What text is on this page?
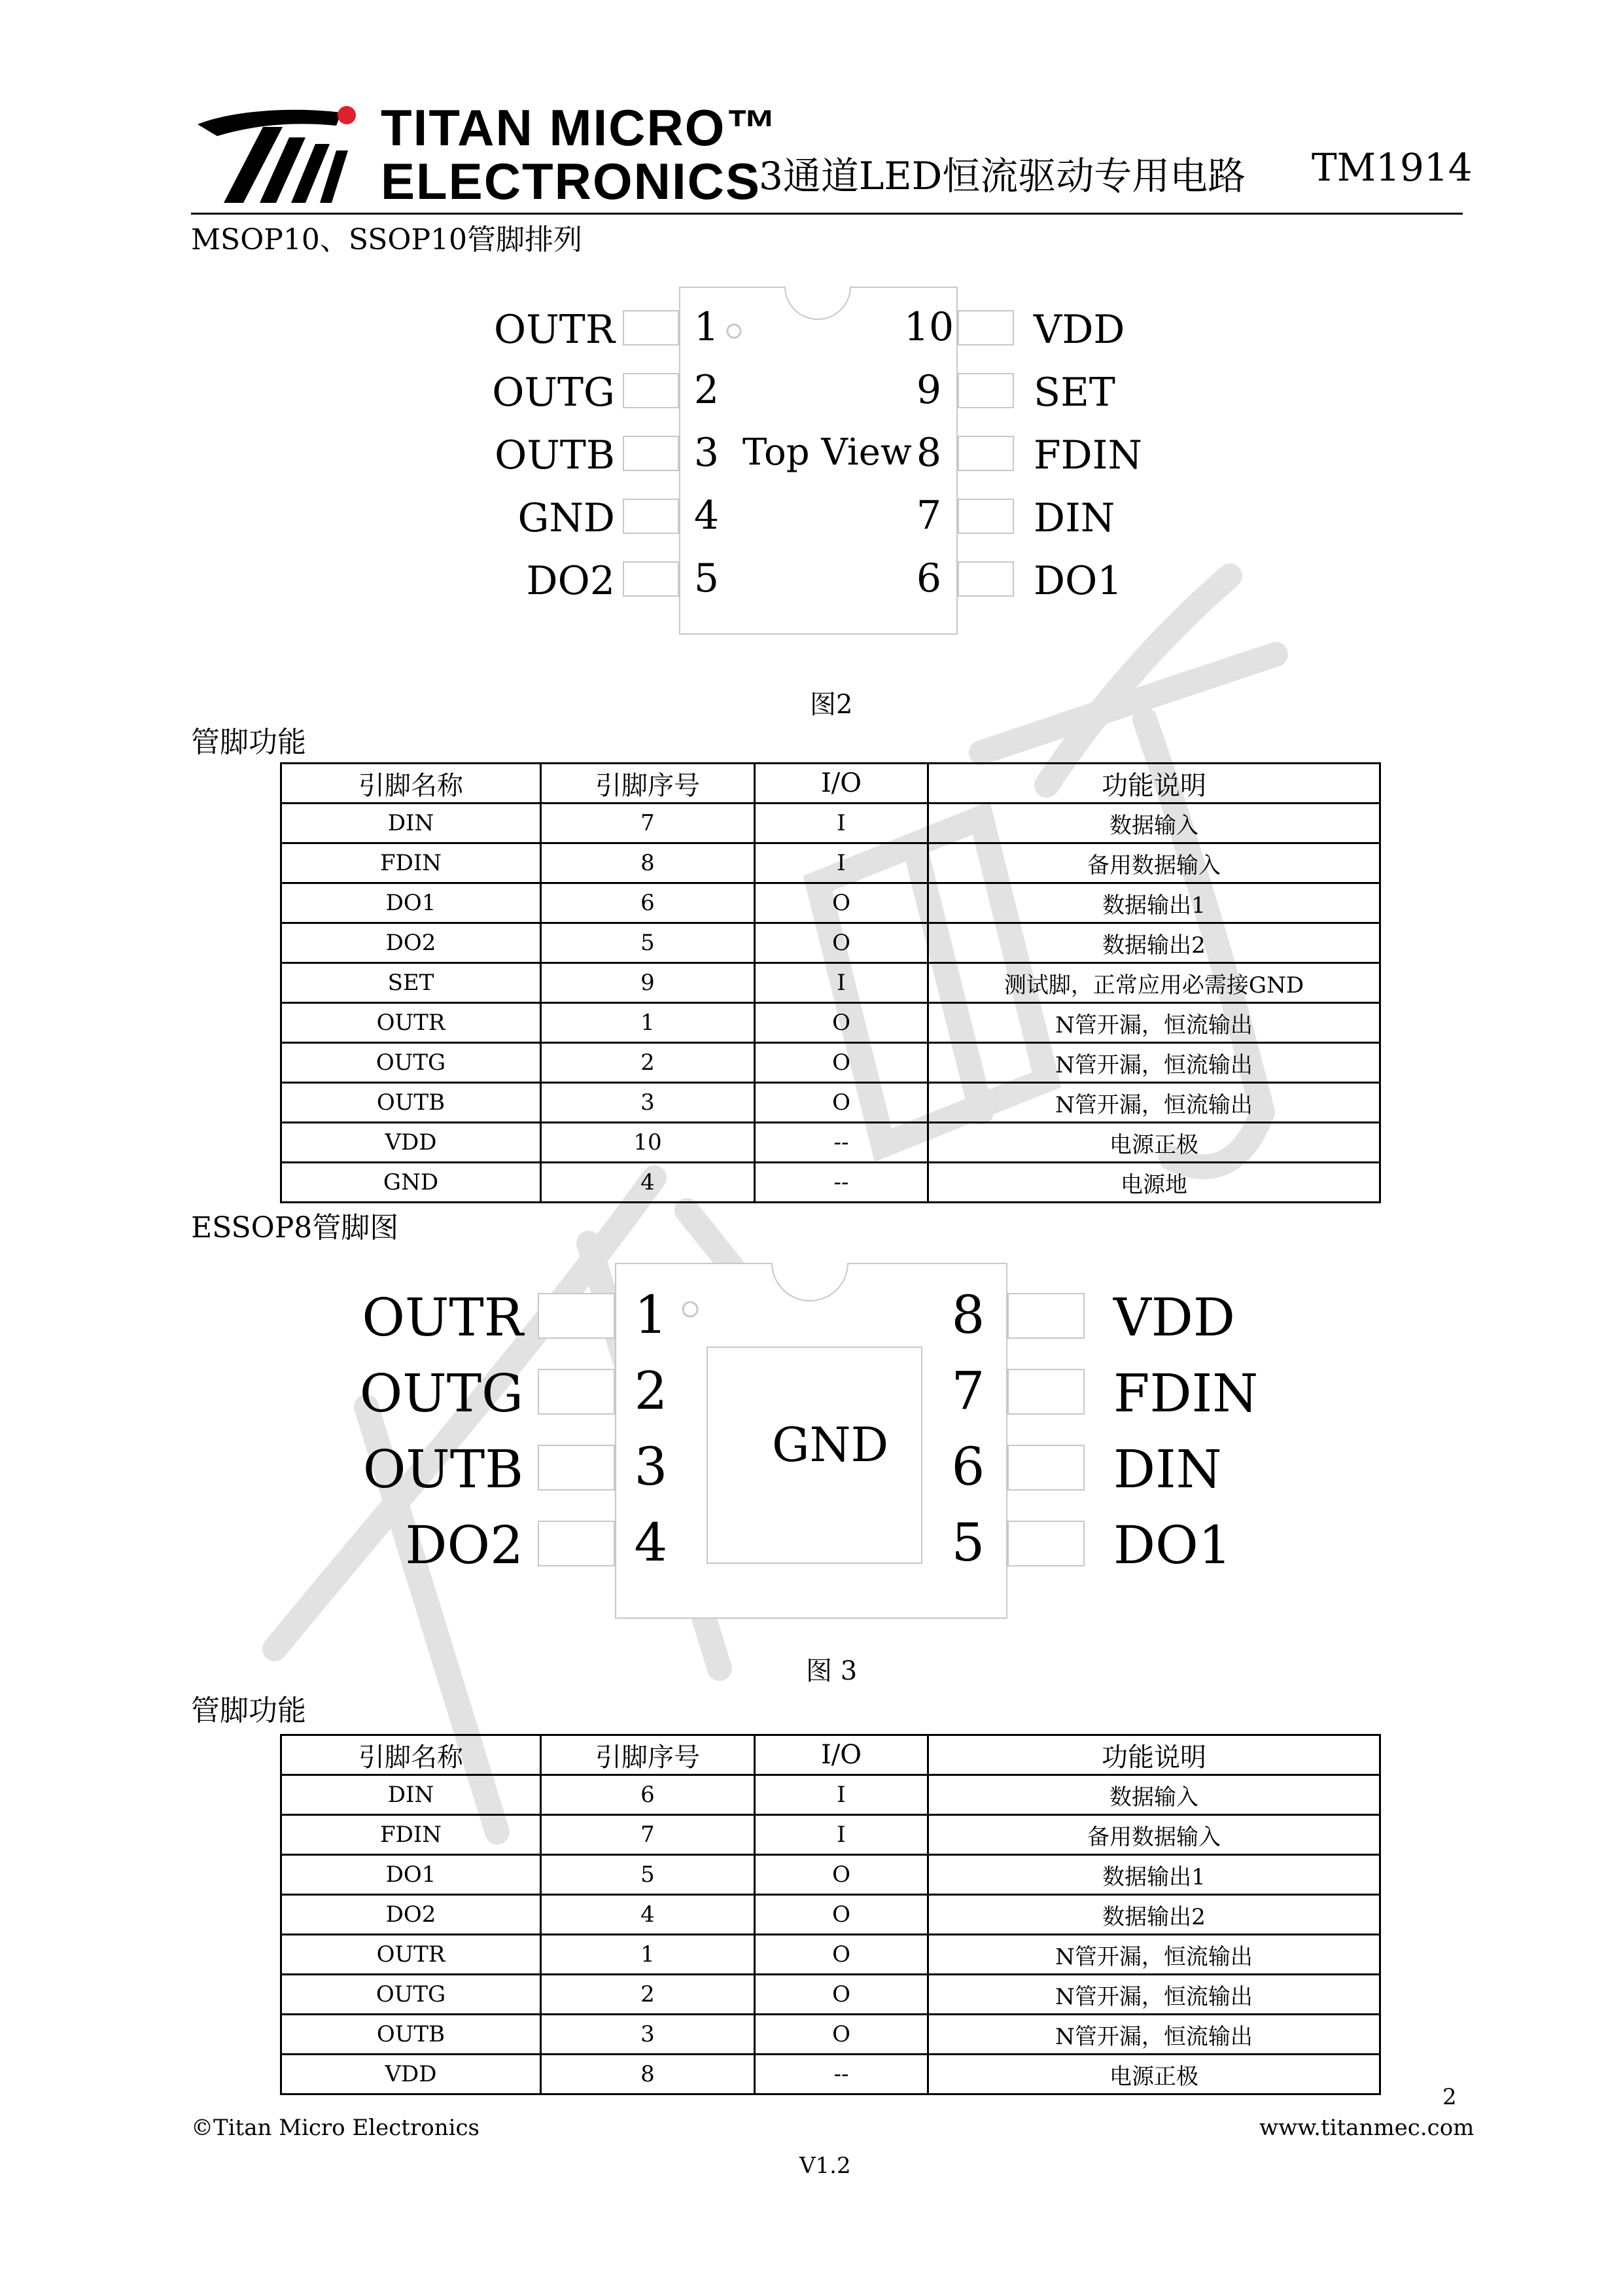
TITAN MICRO™
ELECTRONICS
3通道LED恒流驱动专用电路 TM1914
MSOP10、SSOP10管脚排列
OUTR
OUTG
OUTB
GND
DO2
1
2
3
4
5
Top View
10
9
8
7
6
VDD
SET
FDIN
DIN
DO1
图2
管脚功能
引脚名称	引脚序号	I/O	功能说明
DIN	7	I	数据输入
FDIN	8	I	备用数据输入
DO1	6	O	数据输出1
DO2	5	O	数据输出2
SET	9	I	测试脚，正常应用必需接GND
OUTR	1	O	N管开漏，恒流输出
OUTG	2	O	N管开漏，恒流输出
OUTB	3	O	N管开漏，恒流输出
VDD	10	--	电源正极
GND	4	--	电源地
ESSOP8管脚图
OUTR
OUTG
OUTB
DO2
1
2
3
4
GND
8
7
6
5
VDD
FDIN
DIN
DO1
图 3
管脚功能
引脚名称	引脚序号	I/O	功能说明
DIN	6	I	数据输入
FDIN	7	I	备用数据输入
DO1	5	O	数据输出1
DO2	4	O	数据输出2
OUTR	1	O	N管开漏，恒流输出
OUTG	2	O	N管开漏，恒流输出
OUTB	3	O	N管开漏，恒流输出
VDD	8	--	电源正极
2
©Titan Micro Electronics	www.titanmec.com
V1.2
